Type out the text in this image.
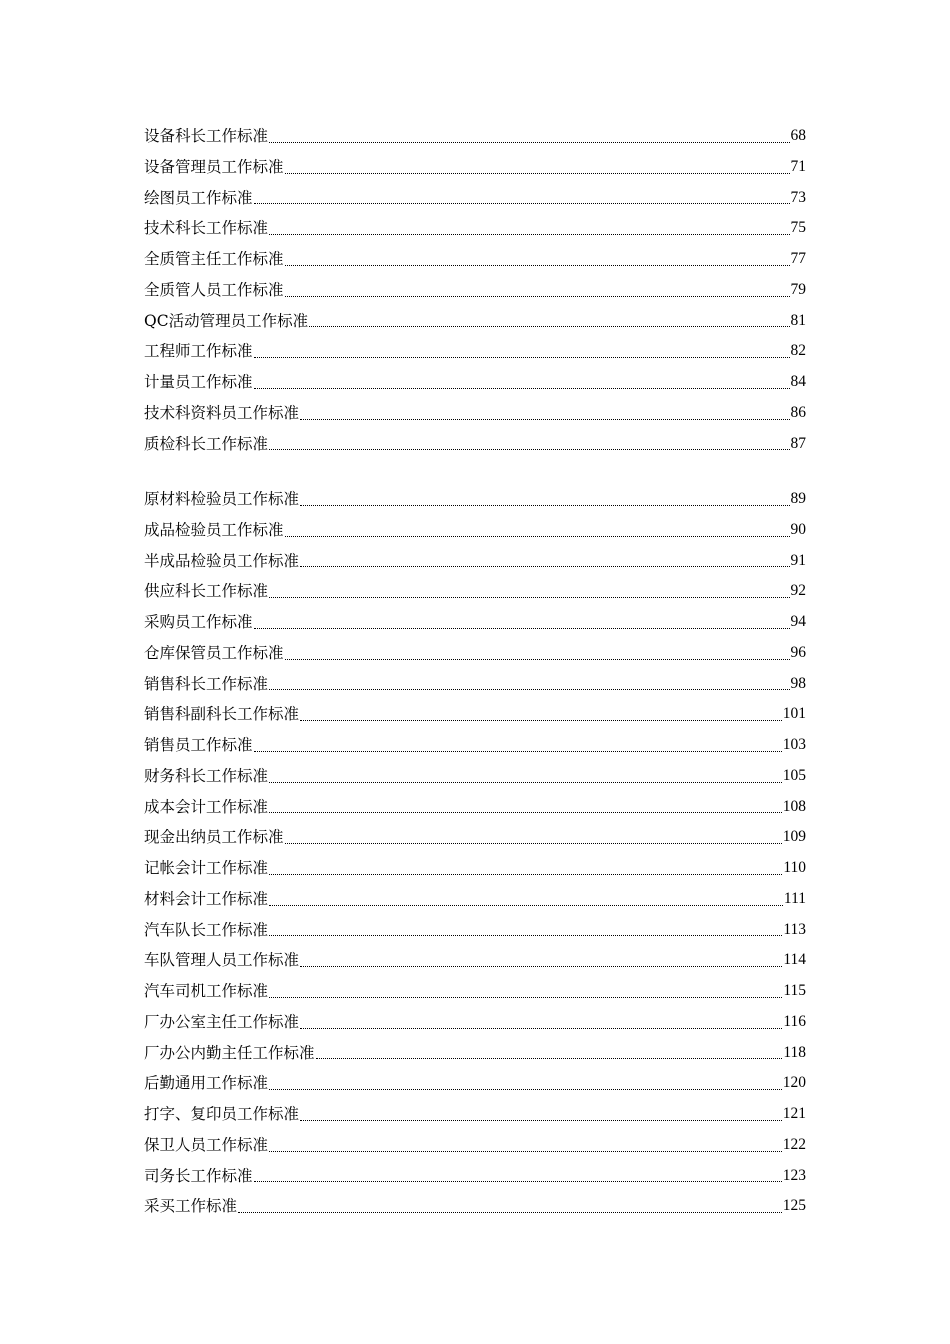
设备科长工作标准	68
设备管理员工作标准	71
绘图员工作标准	73
技术科长工作标准	75
全质管主任工作标准	77
全质管人员工作标准	79
QC活动管理员工作标准	81
工程师工作标准	82
计量员工作标准	84
技术科资料员工作标准	86
质检科长工作标准	87
原材料检验员工作标准	89
成品检验员工作标准	90
半成品检验员工作标准	91
供应科长工作标准	92
采购员工作标准	94
仓库保管员工作标准	96
销售科长工作标准	98
销售科副科长工作标准	101
销售员工作标准	103
财务科长工作标准	105
成本会计工作标准	108
现金出纳员工作标准	109
记帐会计工作标准	110
材料会计工作标准	111
汽车队长工作标准	113
车队管理人员工作标准	114
汽车司机工作标准	115
厂办公室主任工作标准	116
厂办公内勤主任工作标准	118
后勤通用工作标准	120
打字、复印员工作标准	121
保卫人员工作标准	122
司务长工作标准	123
采买工作标准	125
